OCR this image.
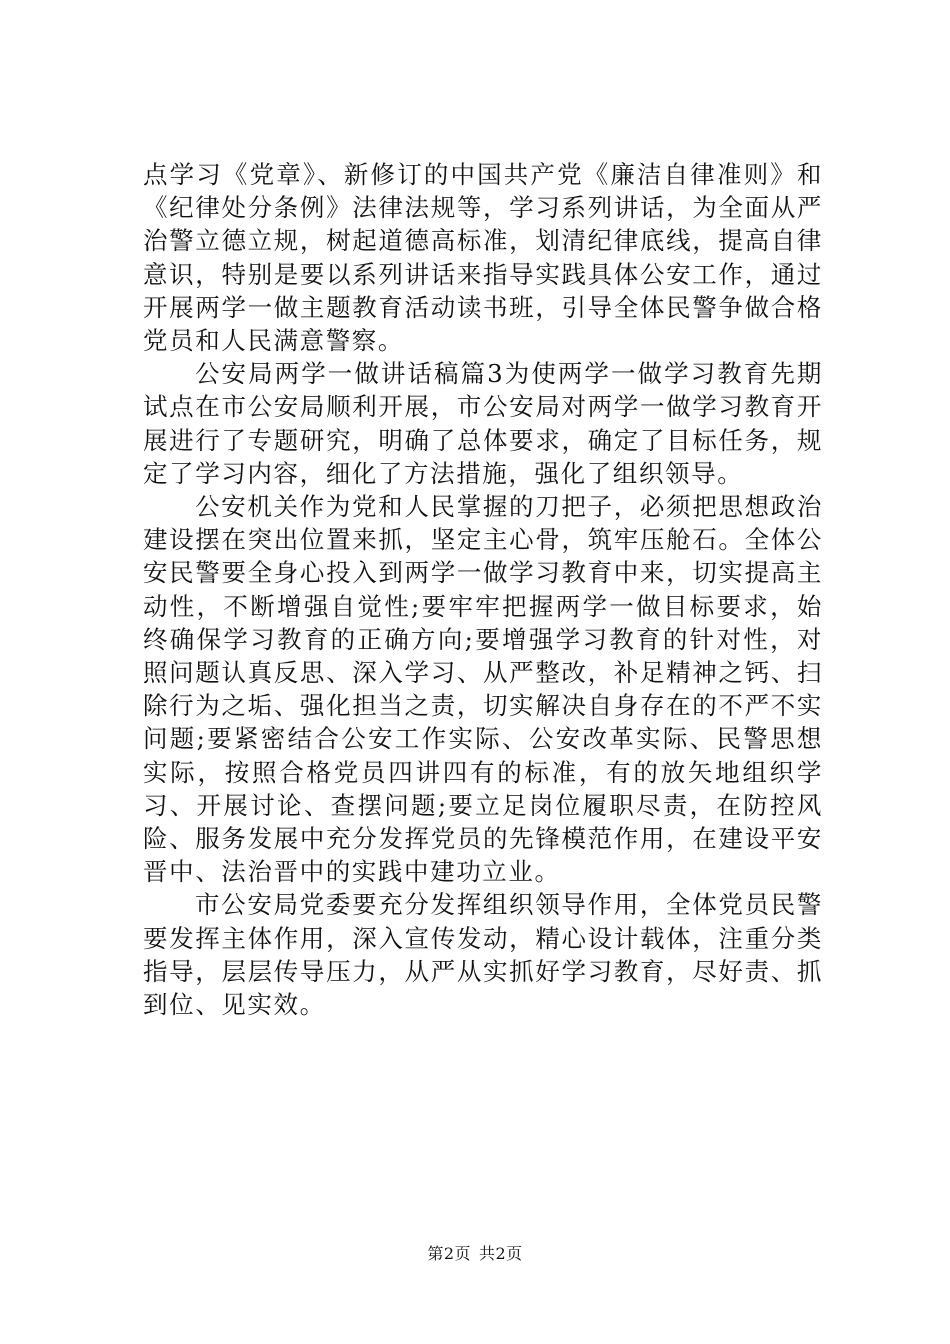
点学习《党章》、新修订的中国共产党《廉洁自律准则》和《纪律处分条例》法律法规等，学习系列讲话，为全面从严治警立德立规，树起道德高标准，划清纪律底线，提高自律意识，特别是要以系列讲话来指导实践具体公安工作，通过开展两学一做主题教育活动读书班，引导全体民警争做合格党员和人民满意警察。

公安局两学一做讲话稿篇3为使两学一做学习教育先期试点在市公安局顺利开展，市公安局对两学一做学习教育开展进行了专题研究，明确了总体要求，确定了目标任务，规定了学习内容，细化了方法措施，强化了组织领导。

公安机关作为党和人民掌握的刀把子，必须把思想政治建设摆在突出位置来抓，坚定主心骨，筑牢压舱石。全体公安民警要全身心投入到两学一做学习教育中来，切实提高主动性，不断增强自觉性;要牢牢把握两学一做目标要求，始终确保学习教育的正确方向;要增强学习教育的针对性，对照问题认真反思、深入学习、从严整改，补足精神之钙、扫除行为之垢、强化担当之责，切实解决自身存在的不严不实问题;要紧密结合公安工作实际、公安改革实际、民警思想实际，按照合格党员四讲四有的标准，有的放矢地组织学习、开展讨论、查摆问题;要立足岗位履职尽责，在防控风险、服务发展中充分发挥党员的先锋模范作用，在建设平安晋中、法治晋中的实践中建功立业。

市公安局党委要充分发挥组织领导作用，全体党员民警要发挥主体作用，深入宣传发动，精心设计载体，注重分类指导，层层传导压力，从严从实抓好学习教育，尽好责、抓到位、见实效。

第2页 共2页
